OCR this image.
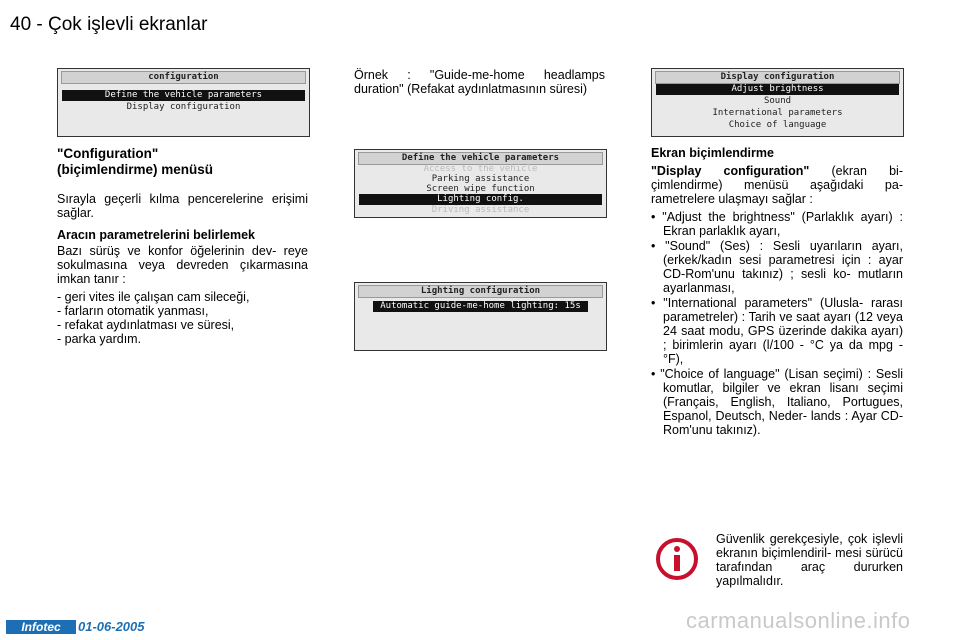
40 - Çok işlevli ekranlar
configuration
Define the vehicle parameters
Display configuration
Define the vehicle parameters
Access to the vehicle
Parking assistance
Screen wipe function
Lighting config.
Driving assistance
Lighting configuration
Automatic guide-me-home lighting: 15s
Display configuration
Adjust brightness
Sound
International parameters
Choice of language
"Configuration" (biçimlendirme) menüsü
Sırayla geçerli kılma pencerelerine erişimi sağlar.
Aracın parametrelerini belirlemek
Bazı sürüş ve konfor öğelerinin dev- reye sokulmasına veya devreden çıkarmasına imkan tanır :
- geri vites ile çalışan cam sileceği,
- farların otomatik yanması,
- refakat aydınlatması ve süresi,
- parka yardım.
Örnek : "Guide-me-home headlamps duration" (Refakat aydınlatmasının süresi)
Ekran biçimlendirme
"Display configuration" (ekran bi- çimlendirme) menüsü aşağıdaki pa- rametrelere ulaşmayı sağlar :
• "Adjust the brightness" (Parlaklık ayarı) : Ekran parlaklık ayarı,
• "Sound" (Ses) : Sesli uyarıların ayarı, (erkek/kadın sesi parametresi için : ayar CD-Rom'unu takınız) ; sesli ko- mutların ayarlanması,
• "International parameters" (Ulusla- rarası parametreler) : Tarih ve saat ayarı (12 veya 24 saat modu, GPS üzerinde dakika ayarı) ; birimlerin ayarı (l/100 - °C ya da mpg - °F),
• "Choice of language" (Lisan seçimi) : Sesli komutlar, bilgiler ve ekran lisanı seçimi (Français, English, Italiano, Portugues, Espanol, Deutsch, Neder- lands : Ayar CD-Rom'unu takınız).
Güvenlik gerekçesiyle, çok işlevli ekranın biçimlendiril- mesi sürücü tarafından araç dururken yapılmalıdır.
Infotec	01-06-2005	carmanualsonline.info
